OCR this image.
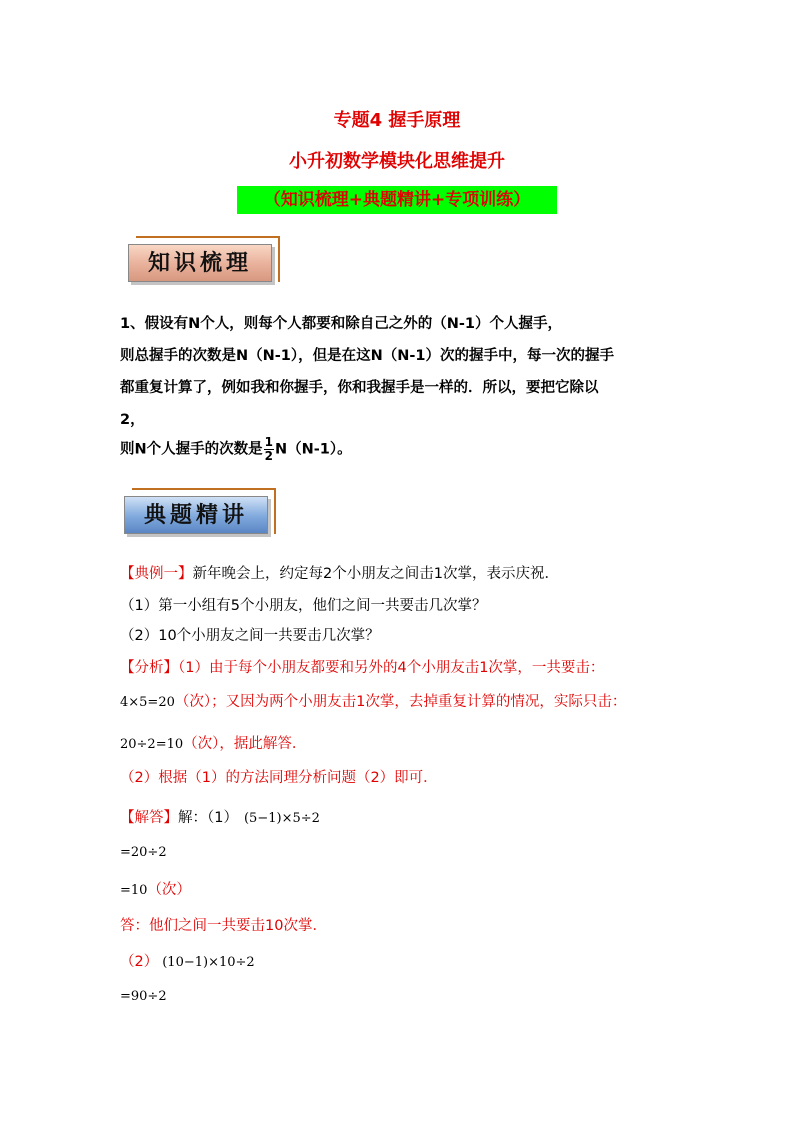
专题4 握手原理
小升初数学模块化思维提升
（知识梳理+典题精讲+专项训练）
知识梳理
1、假设有N个人，则每个人都要和除自己之外的（N-1）个人握手，
则总握手的次数是N（N-1），但是在这N（N-1）次的握手中，每一次的握手
都重复计算了，例如我和你握手，你和我握手是一样的．所以，要把它除以
2，
则N个人握手的次数是 $\frac{1}{2} N(N-1)$。
典题精讲
【典例一】新年晚会上，约定每2个小朋友之间击1次掌，表示庆祝．
（1）第一小组有5个小朋友，他们之间一共要击几次掌？
（2）10个小朋友之间一共要击几次掌？
【分析】（1）由于每个小朋友都要和另外的4个小朋友击1次掌，一共要击：
4×5=20（次）；又因为两个小朋友击1次掌，去掉重复计算的情况，实际只击：
20÷2=10（次），据此解答．
（2）根据（1）的方法同理分析问题（2）即可．
【解答】解：（1） (5−1)×5÷2
=20÷2
=10（次）
答：他们之间一共要击10次掌．
（2） (10−1)×10÷2
=90÷2
